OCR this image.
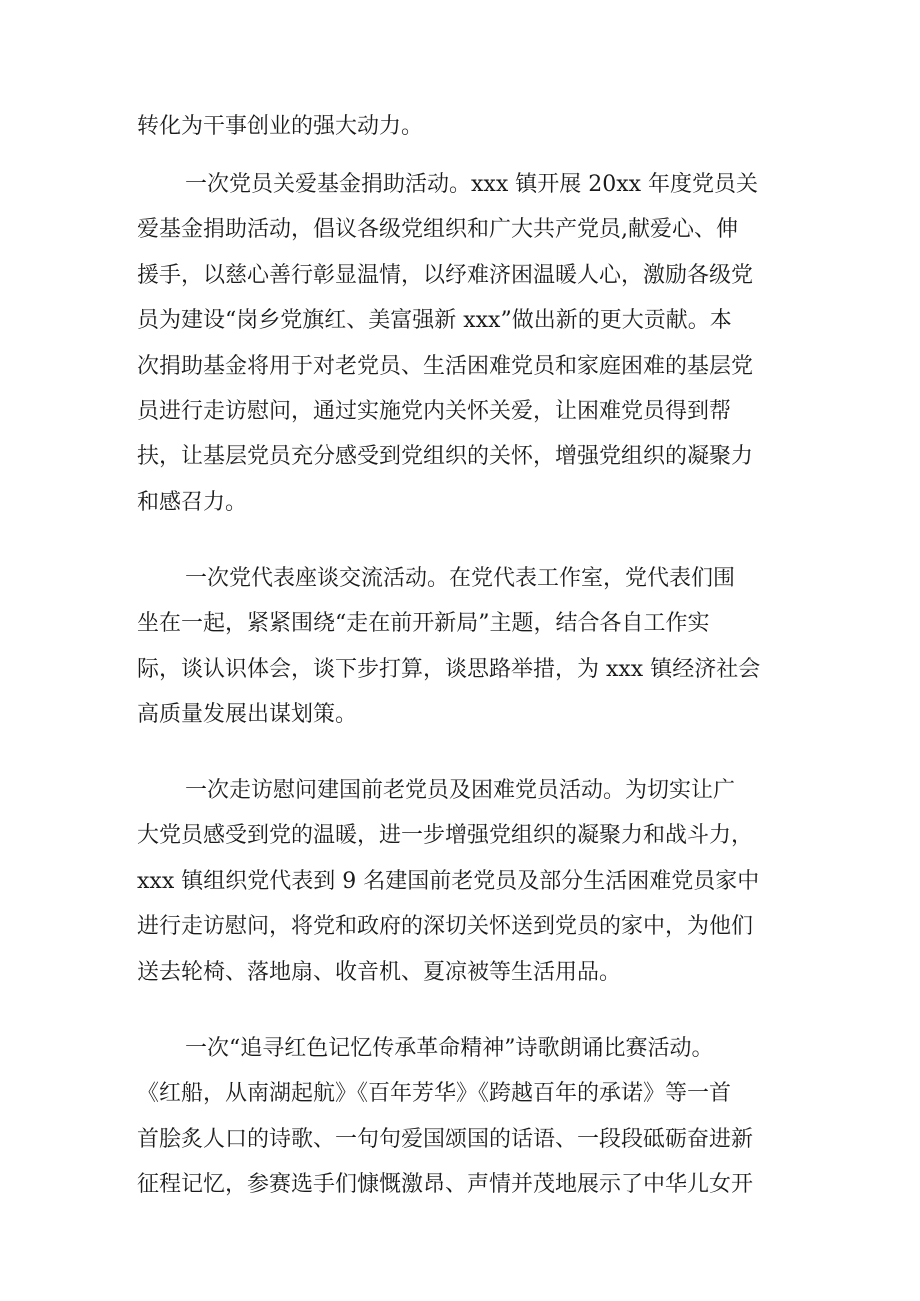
转化为干事创业的强大动力。
一次党员关爱基金捐助活动。xxx 镇开展 20xx 年度党员关
爱基金捐助活动，倡议各级党组织和广大共产党员,献爱心、伸
援手，以慈心善行彰显温情，以纾难济困温暖人心，激励各级党
员为建设“岗乡党旗红、美富强新 xxx”做出新的更大贡献。本
次捐助基金将用于对老党员、生活困难党员和家庭困难的基层党
员进行走访慰问，通过实施党内关怀关爱，让困难党员得到帮
扶，让基层党员充分感受到党组织的关怀，增强党组织的凝聚力
和感召力。
一次党代表座谈交流活动。在党代表工作室，党代表们围
坐在一起，紧紧围绕“走在前开新局”主题，结合各自工作实
际，谈认识体会，谈下步打算，谈思路举措，为 xxx 镇经济社会
高质量发展出谋划策。
一次走访慰问建国前老党员及困难党员活动。为切实让广
大党员感受到党的温暖，进一步增强党组织的凝聚力和战斗力，
xxx 镇组织党代表到 9 名建国前老党员及部分生活困难党员家中
进行走访慰问，将党和政府的深切关怀送到党员的家中，为他们
送去轮椅、落地扇、收音机、夏凉被等生活用品。
一次“追寻红色记忆传承革命精神”诗歌朗诵比赛活动。
《红船，从南湖起航》《百年芳华》《跨越百年的承诺》等一首
首脍炙人口的诗歌、一句句爱国颂国的话语、一段段砥砺奋进新
征程记忆，参赛选手们慷慨激昂、声情并茂地展示了中华儿女开
